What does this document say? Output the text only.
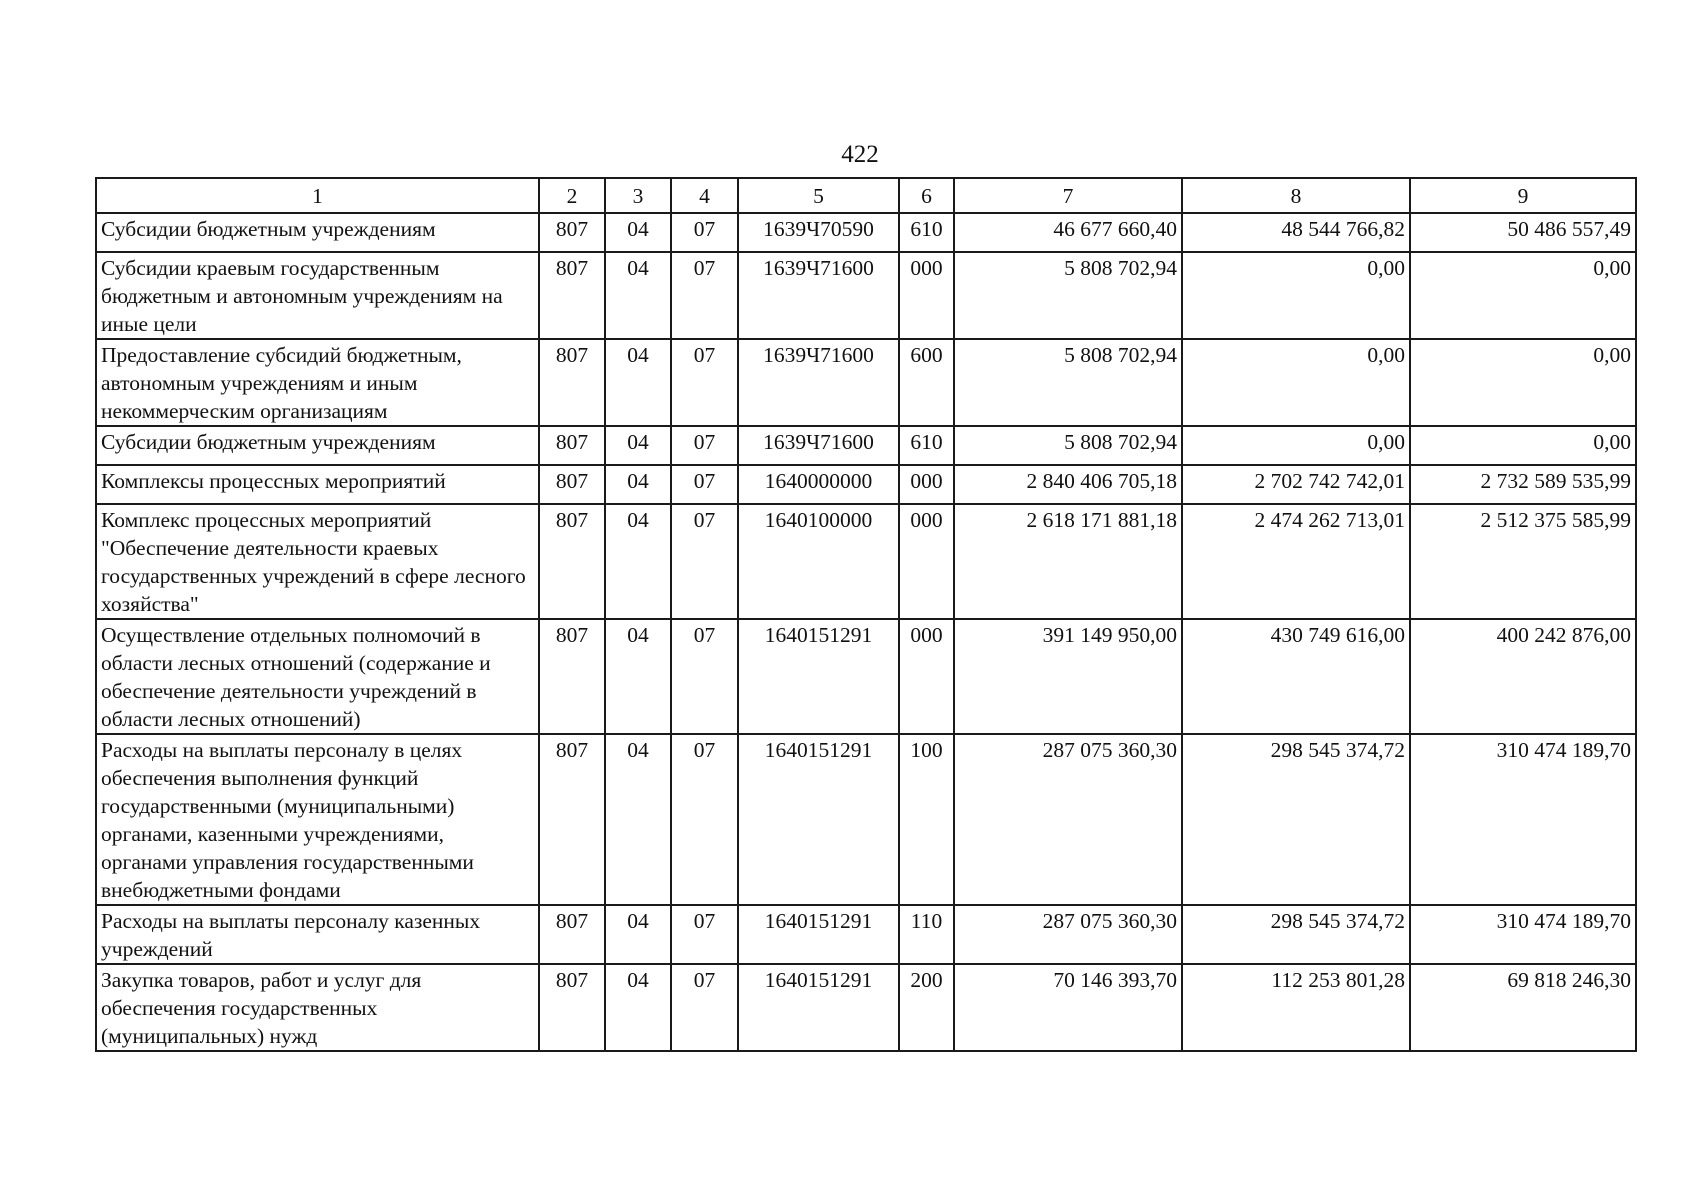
422
1	2	3	4	5	6	7	8	9
Субсидии бюджетным учреждениям	807	04	07	1639Ч70590	610	46 677 660,40	48 544 766,82	50 486 557,49
Субсидии краевым государственным бюджетным и автономным учреждениям на иные цели	807	04	07	1639Ч71600	000	5 808 702,94	0,00	0,00
Предоставление субсидий бюджетным, автономным учреждениям и иным некоммерческим организациям	807	04	07	1639Ч71600	600	5 808 702,94	0,00	0,00
Субсидии бюджетным учреждениям	807	04	07	1639Ч71600	610	5 808 702,94	0,00	0,00
Комплексы процессных мероприятий	807	04	07	1640000000	000	2 840 406 705,18	2 702 742 742,01	2 732 589 535,99
Комплекс процессных мероприятий "Обеспечение деятельности краевых государственных учреждений в сфере лесного хозяйства"	807	04	07	1640100000	000	2 618 171 881,18	2 474 262 713,01	2 512 375 585,99
Осуществление отдельных полномочий в области лесных отношений (содержание и обеспечение деятельности учреждений в области лесных отношений)	807	04	07	1640151291	000	391 149 950,00	430 749 616,00	400 242 876,00
Расходы на выплаты персоналу в целях обеспечения выполнения функций государственными (муниципальными) органами, казенными учреждениями, органами управления государственными внебюджетными фондами	807	04	07	1640151291	100	287 075 360,30	298 545 374,72	310 474 189,70
Расходы на выплаты персоналу казенных учреждений	807	04	07	1640151291	110	287 075 360,30	298 545 374,72	310 474 189,70
Закупка товаров, работ и услуг для обеспечения государственных (муниципальных) нужд	807	04	07	1640151291	200	70 146 393,70	112 253 801,28	69 818 246,30
